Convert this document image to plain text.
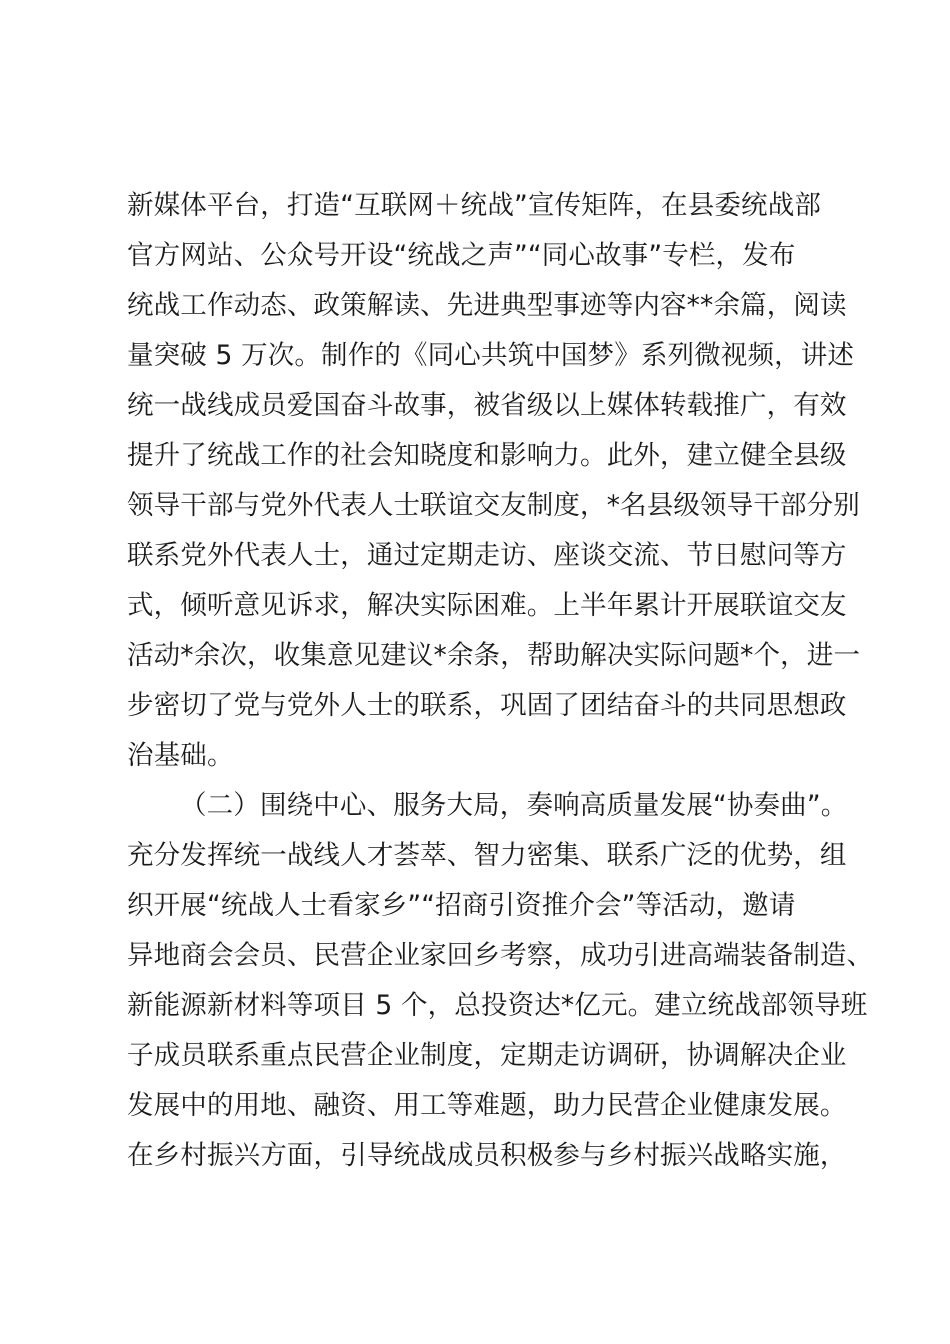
新媒体平台，打造“互联网＋统战”宣传矩阵，在县委统战部
官方网站、公众号开设“统战之声”“同心故事”专栏，发布
统战工作动态、政策解读、先进典型事迹等内容**余篇，阅读
量突破 5 万次。制作的《同心共筑中国梦》系列微视频，讲述
统一战线成员爱国奋斗故事，被省级以上媒体转载推广，有效
提升了统战工作的社会知晓度和影响力。此外，建立健全县级
领导干部与党外代表人士联谊交友制度，*名县级领导干部分别
联系党外代表人士，通过定期走访、座谈交流、节日慰问等方
式，倾听意见诉求，解决实际困难。上半年累计开展联谊交友
活动*余次，收集意见建议*余条，帮助解决实际问题*个，进一
步密切了党与党外人士的联系，巩固了团结奋斗的共同思想政
治基础。
（二）围绕中心、服务大局，奏响高质量发展“协奏曲”。
充分发挥统一战线人才荟萃、智力密集、联系广泛的优势，组
织开展“统战人士看家乡”“招商引资推介会”等活动，邀请
异地商会会员、民营企业家回乡考察，成功引进高端装备制造、
新能源新材料等项目 5 个，总投资达*亿元。建立统战部领导班
子成员联系重点民营企业制度，定期走访调研，协调解决企业
发展中的用地、融资、用工等难题，助力民营企业健康发展。
在乡村振兴方面，引导统战成员积极参与乡村振兴战略实施，
